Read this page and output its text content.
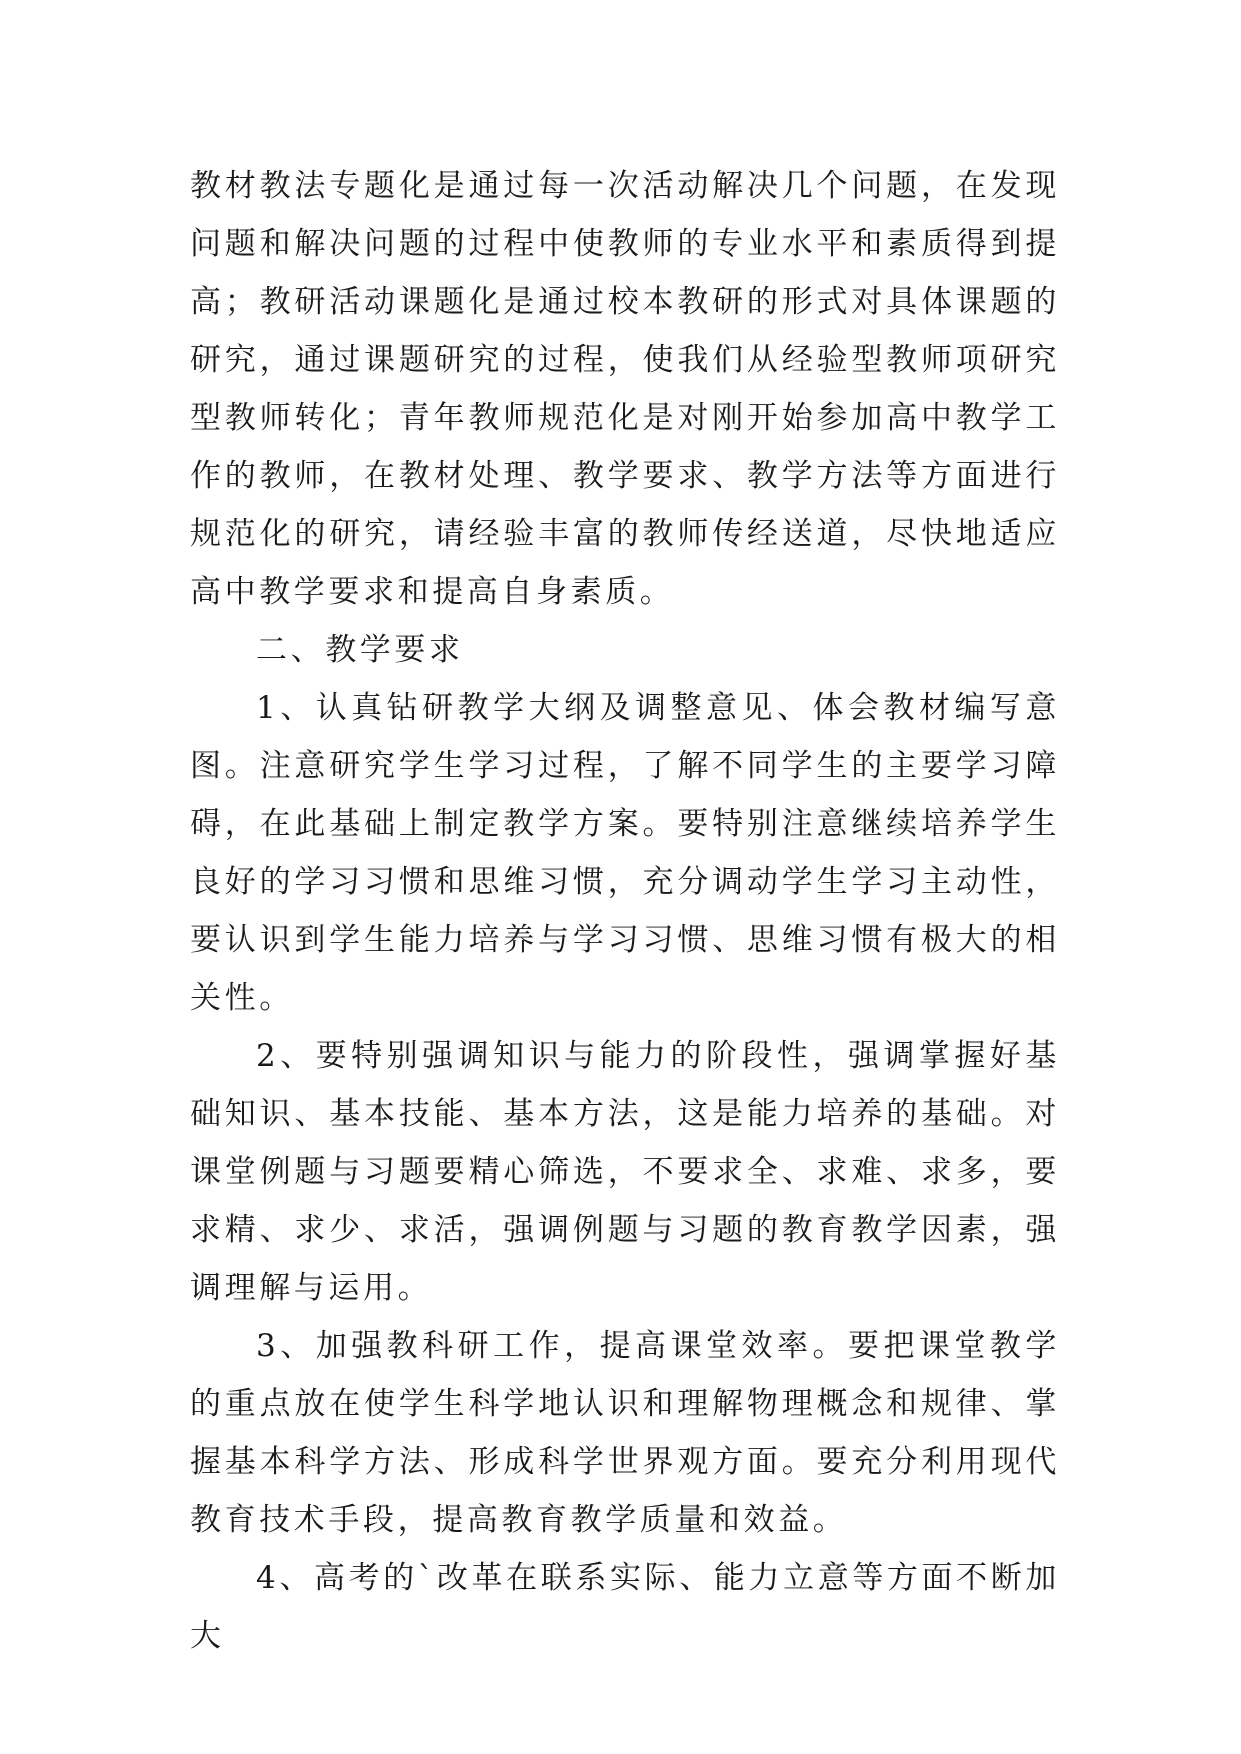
教材教法专题化是通过每一次活动解决几个问题，在发现问题和解决问题的过程中使教师的专业水平和素质得到提高；教研活动课题化是通过校本教研的形式对具体课题的研究，通过课题研究的过程，使我们从经验型教师项研究型教师转化；青年教师规范化是对刚开始参加高中教学工作的教师，在教材处理、教学要求、教学方法等方面进行规范化的研究，请经验丰富的教师传经送道，尽快地适应高中教学要求和提高自身素质。

二、教学要求

1、认真钻研教学大纲及调整意见、体会教材编写意图。注意研究学生学习过程，了解不同学生的主要学习障碍，在此基础上制定教学方案。要特别注意继续培养学生良好的学习习惯和思维习惯，充分调动学生学习主动性，要认识到学生能力培养与学习习惯、思维习惯有极大的相关性。

2、要特别强调知识与能力的阶段性，强调掌握好基础知识、基本技能、基本方法，这是能力培养的基础。对课堂例题与习题要精心筛选，不要求全、求难、求多，要求精、求少、求活，强调例题与习题的教育教学因素，强调理解与运用。

3、加强教科研工作，提高课堂效率。要把课堂教学的重点放在使学生科学地认识和理解物理概念和规律、掌握基本科学方法、形成科学世界观方面。要充分利用现代教育技术手段，提高教育教学质量和效益。

4、高考的`改革在联系实际、能力立意等方面不断加大
